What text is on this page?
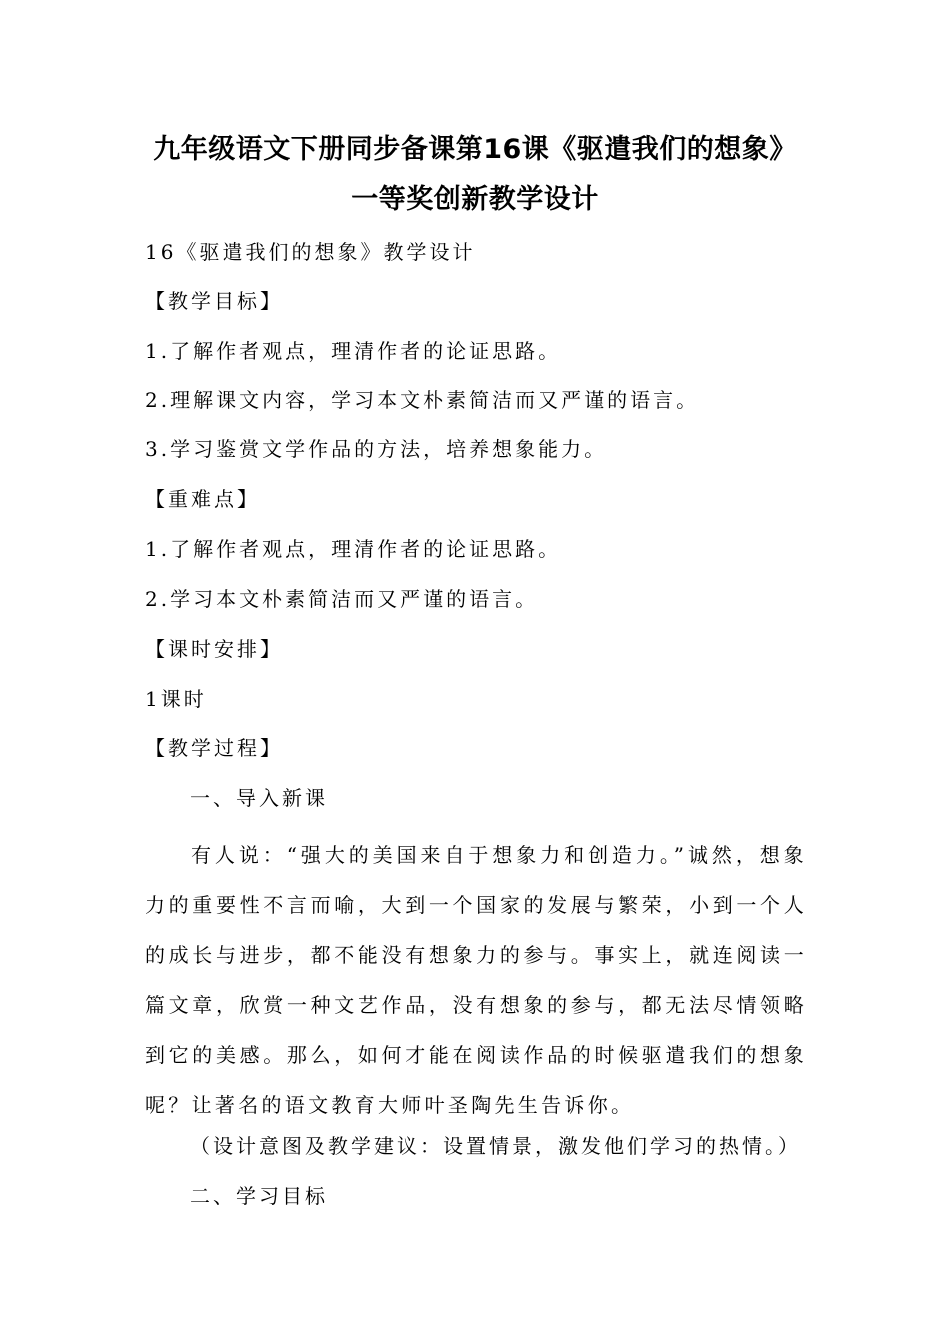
九年级语文下册同步备课第16课《驱遣我们的想象》
一等奖创新教学设计
16《驱遣我们的想象》教学设计
【教学目标】
1.了解作者观点，理清作者的论证思路。
2.理解课文内容，学习本文朴素简洁而又严谨的语言。
3.学习鉴赏文学作品的方法，培养想象能力。
【重难点】
1.了解作者观点，理清作者的论证思路。
2.学习本文朴素简洁而又严谨的语言。
【课时安排】
1课时
【教学过程】
一、导入新课
有人说：“强大的美国来自于想象力和创造力。”诚然，想象力的重要性不言而喻，大到一个国家的发展与繁荣，小到一个人的成长与进步，都不能没有想象力的参与。事实上，就连阅读一篇文章，欣赏一种文艺作品，没有想象的参与，都无法尽情领略到它的美感。那么，如何才能在阅读作品的时候驱遣我们的想象呢？让著名的语文教育大师叶圣陶先生告诉你。
（设计意图及教学建议：设置情景，激发他们学习的热情。）
二、学习目标
